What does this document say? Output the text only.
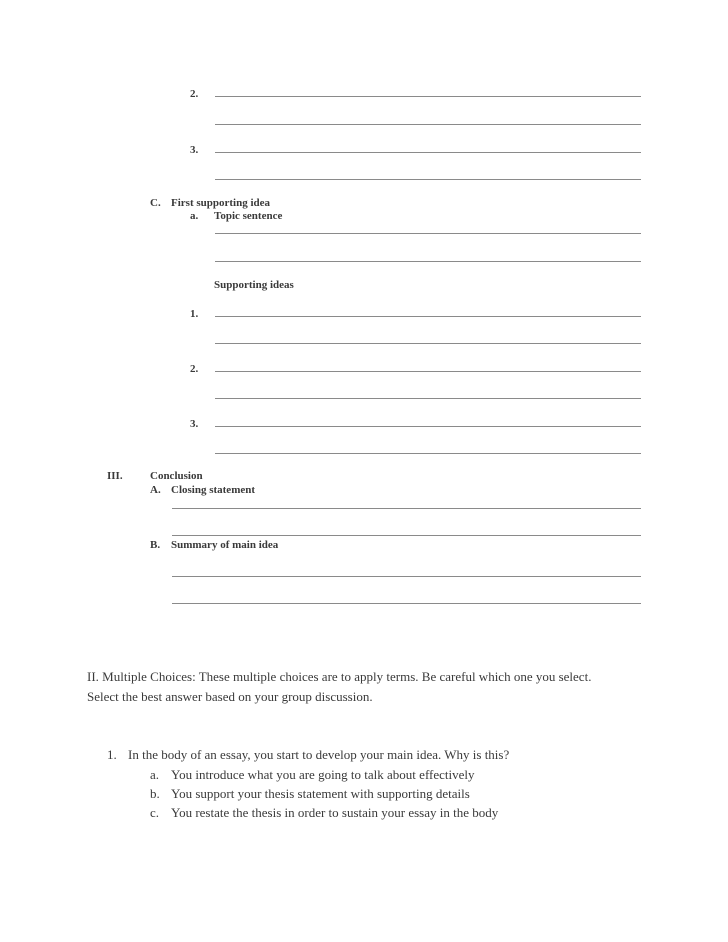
2.
3.
C. First supporting idea
a. Topic sentence
Supporting ideas
1.
2.
3.
III. Conclusion
A. Closing statement
B. Summary of main idea
II. Multiple Choices: These multiple choices are to apply terms. Be careful which one you select.
Select the best answer based on your group discussion.
1. In the body of an essay, you start to develop your main idea. Why is this?
a. You introduce what you are going to talk about effectively
b. You support your thesis statement with supporting details
c. You restate the thesis in order to sustain your essay in the body
